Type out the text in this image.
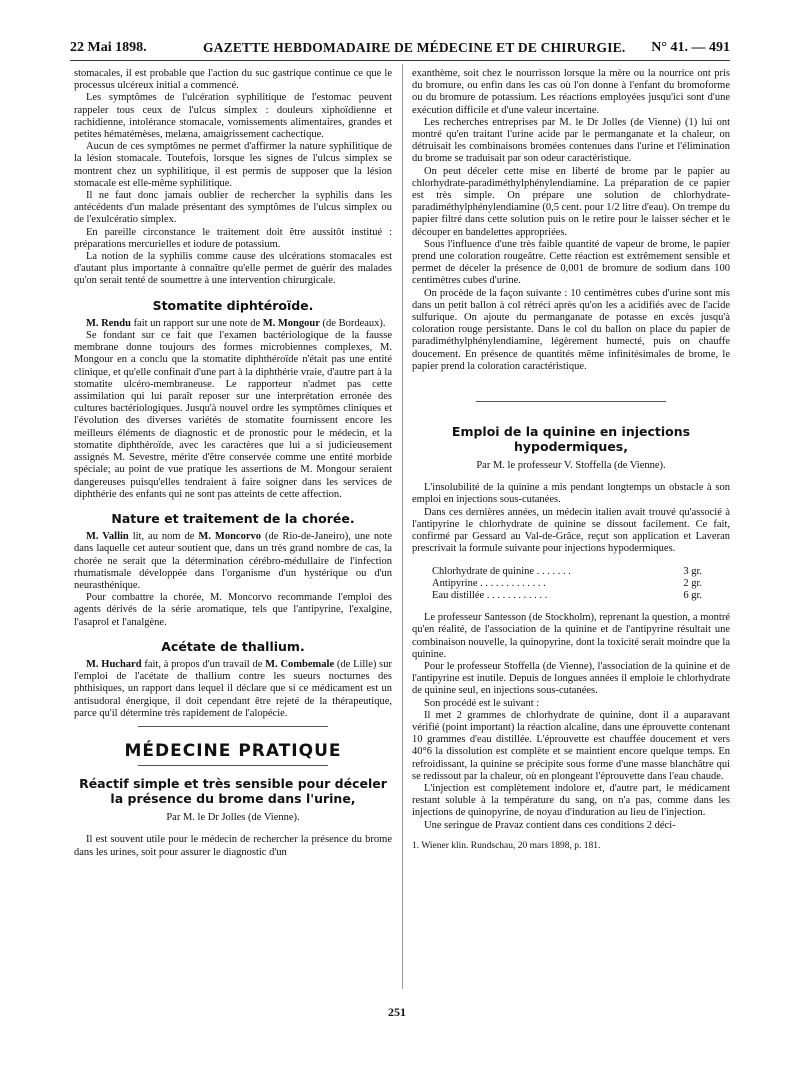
22 Mai 1898.	GAZETTE HEBDOMADAIRE DE MÉDECINE ET DE CHIRURGIE. N° 41. — 491

stomacales, il est probable que l'action du suc gastrique continue ce que le processus ulcéreux initial a commencé.

Les symptômes de l'ulcération syphilitique de l'estomac peuvent rappeler tous ceux de l'ulcus simplex : douleurs xiphoïdienne et rachidienne, intolérance stomacale, vomissements alimentaires, grandes et petites hématémèses, melæna, amaigrissement cachectique.

Aucun de ces symptômes ne permet d'affirmer la nature syphilitique de la lésion stomacale. Toutefois, lorsque les signes de l'ulcus simplex se montrent chez un syphilitique, il est permis de supposer que la lésion stomacale est elle-même syphilitique.

Il ne faut donc jamais oublier de rechercher la syphilis dans les antécédents d'un malade présentant des symptômes de l'ulcus simplex ou de l'exulcératio simplex.

En pareille circonstance le traitement doit être aussitôt institué : préparations mercurielles et iodure de potassium.

La notion de la syphilis comme cause des ulcérations stomacales est d'autant plus importante à connaître qu'elle permet de guérir des malades qu'on serait tenté de soumettre à une intervention chirurgicale.

Stomatite diphtéroïde.

M. Rendu fait un rapport sur une note de M. Mongour (de Bordeaux).

Se fondant sur ce fait que l'examen bactériologique de la fausse membrane donne toujours des formes microbiennes complexes, M. Mongour en a conclu que la stomatite diphthéroïde n'était pas une entité clinique, et qu'elle confinait d'une part à la diphthérie vraie, d'autre part à la stomatite ulcéro-membraneuse. Le rapporteur n'admet pas cette assimilation qui lui paraît reposer sur une interprétation erronée des cultures bactériologiques. Jusqu'à nouvel ordre les symptômes cliniques et l'évolution des diverses variétés de stomatite fournissent encore les meilleurs éléments de diagnostic et de pronostic pour le médecin, et la stomatite diphthéroïde, avec les caractères que lui a si judicieusement assignés M. Sevestre, mérite d'être conservée comme une entité morbide spéciale; au point de vue pratique les assertions de M. Mongour seraient dangereuses puisqu'elles tendraient à faire soigner dans les services de diphthérie des enfants qui ne sont pas atteints de cette affection.

Nature et traitement de la chorée.

M. Vallin lit, au nom de M. Moncorvo (de Rio-de-Janeiro), une note dans laquelle cet auteur soutient que, dans un très grand nombre de cas, la chorée ne serait que la détermination cérébro-médullaire de l'infection rhumatismale développée dans l'organisme d'un hystérique ou d'un neurasthénique.

Pour combattre la chorée, M. Moncorvo recommande l'emploi des agents dérivés de la série aromatique, tels que l'antipyrine, l'exalgine, l'asaprol et l'analgène.

Acétate de thallium.

M. Huchard fait, à propos d'un travail de M. Combemale (de Lille) sur l'emploi de l'acétate de thallium contre les sueurs nocturnes des phthisiques, un rapport dans lequel il déclare que si ce médicament est un antisudoral énergique, il doit cependant être rejeté de la thérapeutique, parce qu'il détermine très rapidement de l'alopécie.

MÉDECINE PRATIQUE
Réactif simple et très sensible pour déceler la présence du brome dans l'urine,
Par M. le Dr Jolles (de Vienne).

Il est souvent utile pour le médecin de rechercher la présence du brome dans les urines, soit pour assurer le diagnostic d'un

exanthème, soit chez le nourrisson lorsque la mère ou la nourrice ont pris du bromure, ou enfin dans les cas où l'on donne à l'enfant du bromoforme ou du bromure de potassium. Les réactions employées jusqu'ici sont d'une exécution difficile et d'une valeur incertaine.

Les recherches entreprises par M. le Dr Jolles (de Vienne) (1) lui ont montré qu'en traitant l'urine acide par le permanganate et la chaleur, on détruisait les combinaisons bromées contenues dans l'urine et l'élimination du brome se traduisait par son odeur caractéristique.

On peut déceler cette mise en liberté de brome par le papier au chlorhydrate-paradiméthylphénylendiamine. La préparation de ce papier est très simple. On prépare une solution de chlorhydrate-paradiméthylphénylendiamine (0,5 cent. pour 1/2 litre d'eau). On trempe du papier filtré dans cette solution puis on le retire pour le laisser sécher et le découper en bandelettes appropriées.

Sous l'influence d'une très faible quantité de vapeur de brome, le papier prend une coloration rougeâtre. Cette réaction est extrêmement sensible et permet de déceler la présence de 0,001 de bromure de sodium dans 100 centimètres cubes d'urine.

On procède de la façon suivante : 10 centimètres cubes d'urine sont mis dans un petit ballon à col rétréci après qu'on les a acidifiés avec de l'acide sulfurique. On ajoute du permanganate de potasse en excès jusqu'à coloration rouge persistante. Dans le col du ballon on place du papier de paradiméthylphénylendiamine, légèrement humecté, puis on chauffe doucement. En présence de quantités même infinitésimales de brome, le papier prend la coloration caractéristique.

Emploi de la quinine en injections hypodermiques,
Par M. le professeur V. Stoffella (de Vienne).

L'insolubilité de la quinine a mis pendant longtemps un obstacle à son emploi en injections sous-cutanées.

Dans ces dernières années, un médecin italien avait trouvé qu'associé à l'antipyrine le chlorhydrate de quinine se dissout facilement. Ce fait, confirmé par Gessard au Val-de-Grâce, reçut son application et Laveran prescrivait la formule suivante pour injections hypodermiques.

Chlorhydrate de quinine . . . . . . .	3 gr.
Antipyrine . . . . . . . . . . . . .	2 gr.
Eau distillée . . . . . . . . . . . .	6 gr.

Le professeur Santesson (de Stockholm), reprenant la question, a montré qu'en réalité, de l'association de la quinine et de l'antipyrine résultait une combinaison nouvelle, la quinopyrine, dont la toxicité serait moindre que la quinine.

Pour le professeur Stoffella (de Vienne), l'association de la quinine et de l'antipyrine est inutile. Depuis de longues années il emploie le chlorhydrate de quinine seul, en injections sous-cutanées.

Son procédé est le suivant :

Il met 2 grammes de chlorhydrate de quinine, dont il a auparavant vérifié (point important) la réaction alcaline, dans une éprouvette contenant 10 grammes d'eau distillée. L'éprouvette est chauffée doucement et vers 40°6 la dissolution est complète et se maintient encore quelque temps. En refroidissant, la quinine se précipite sous forme d'une masse blanchâtre qui se redissout par la chaleur, où en plongeant l'éprouvette dans l'eau chaude.

L'injection est complètement indolore et, d'autre part, le médicament restant soluble à la température du sang, on n'a pas, comme dans les injections de quinopyrine, de noyau d'induration au lieu de l'injection.

Une seringue de Pravaz contient dans ces conditions 2 déci-

1. Wiener klin. Rundschau, 20 mars 1898, p. 181.
251
